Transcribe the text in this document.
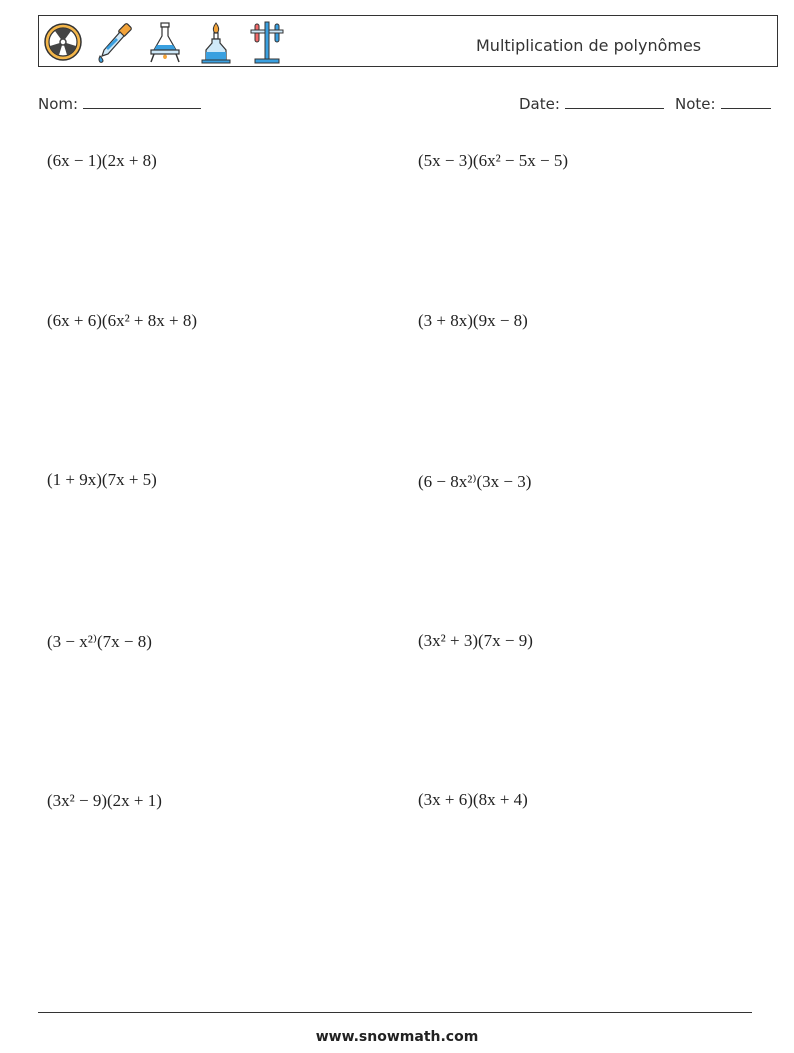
Multiplication de polynômes
Nom:	Date:	Note:
(6x − 1)(2x + 8)	(5x − 3)(6x² − 5x − 5)
(6x + 6)(6x² + 8x + 8)	(3 + 8x)(9x − 8)
(1 + 9x)(7x + 5)	(6 − 8x²⁾(3x − 3)
(3 − x²⁾(7x − 8)	(3x² + 3)(7x − 9)
(3x² − 9)(2x + 1)	(3x + 6)(8x + 4)
www.snowmath.com
